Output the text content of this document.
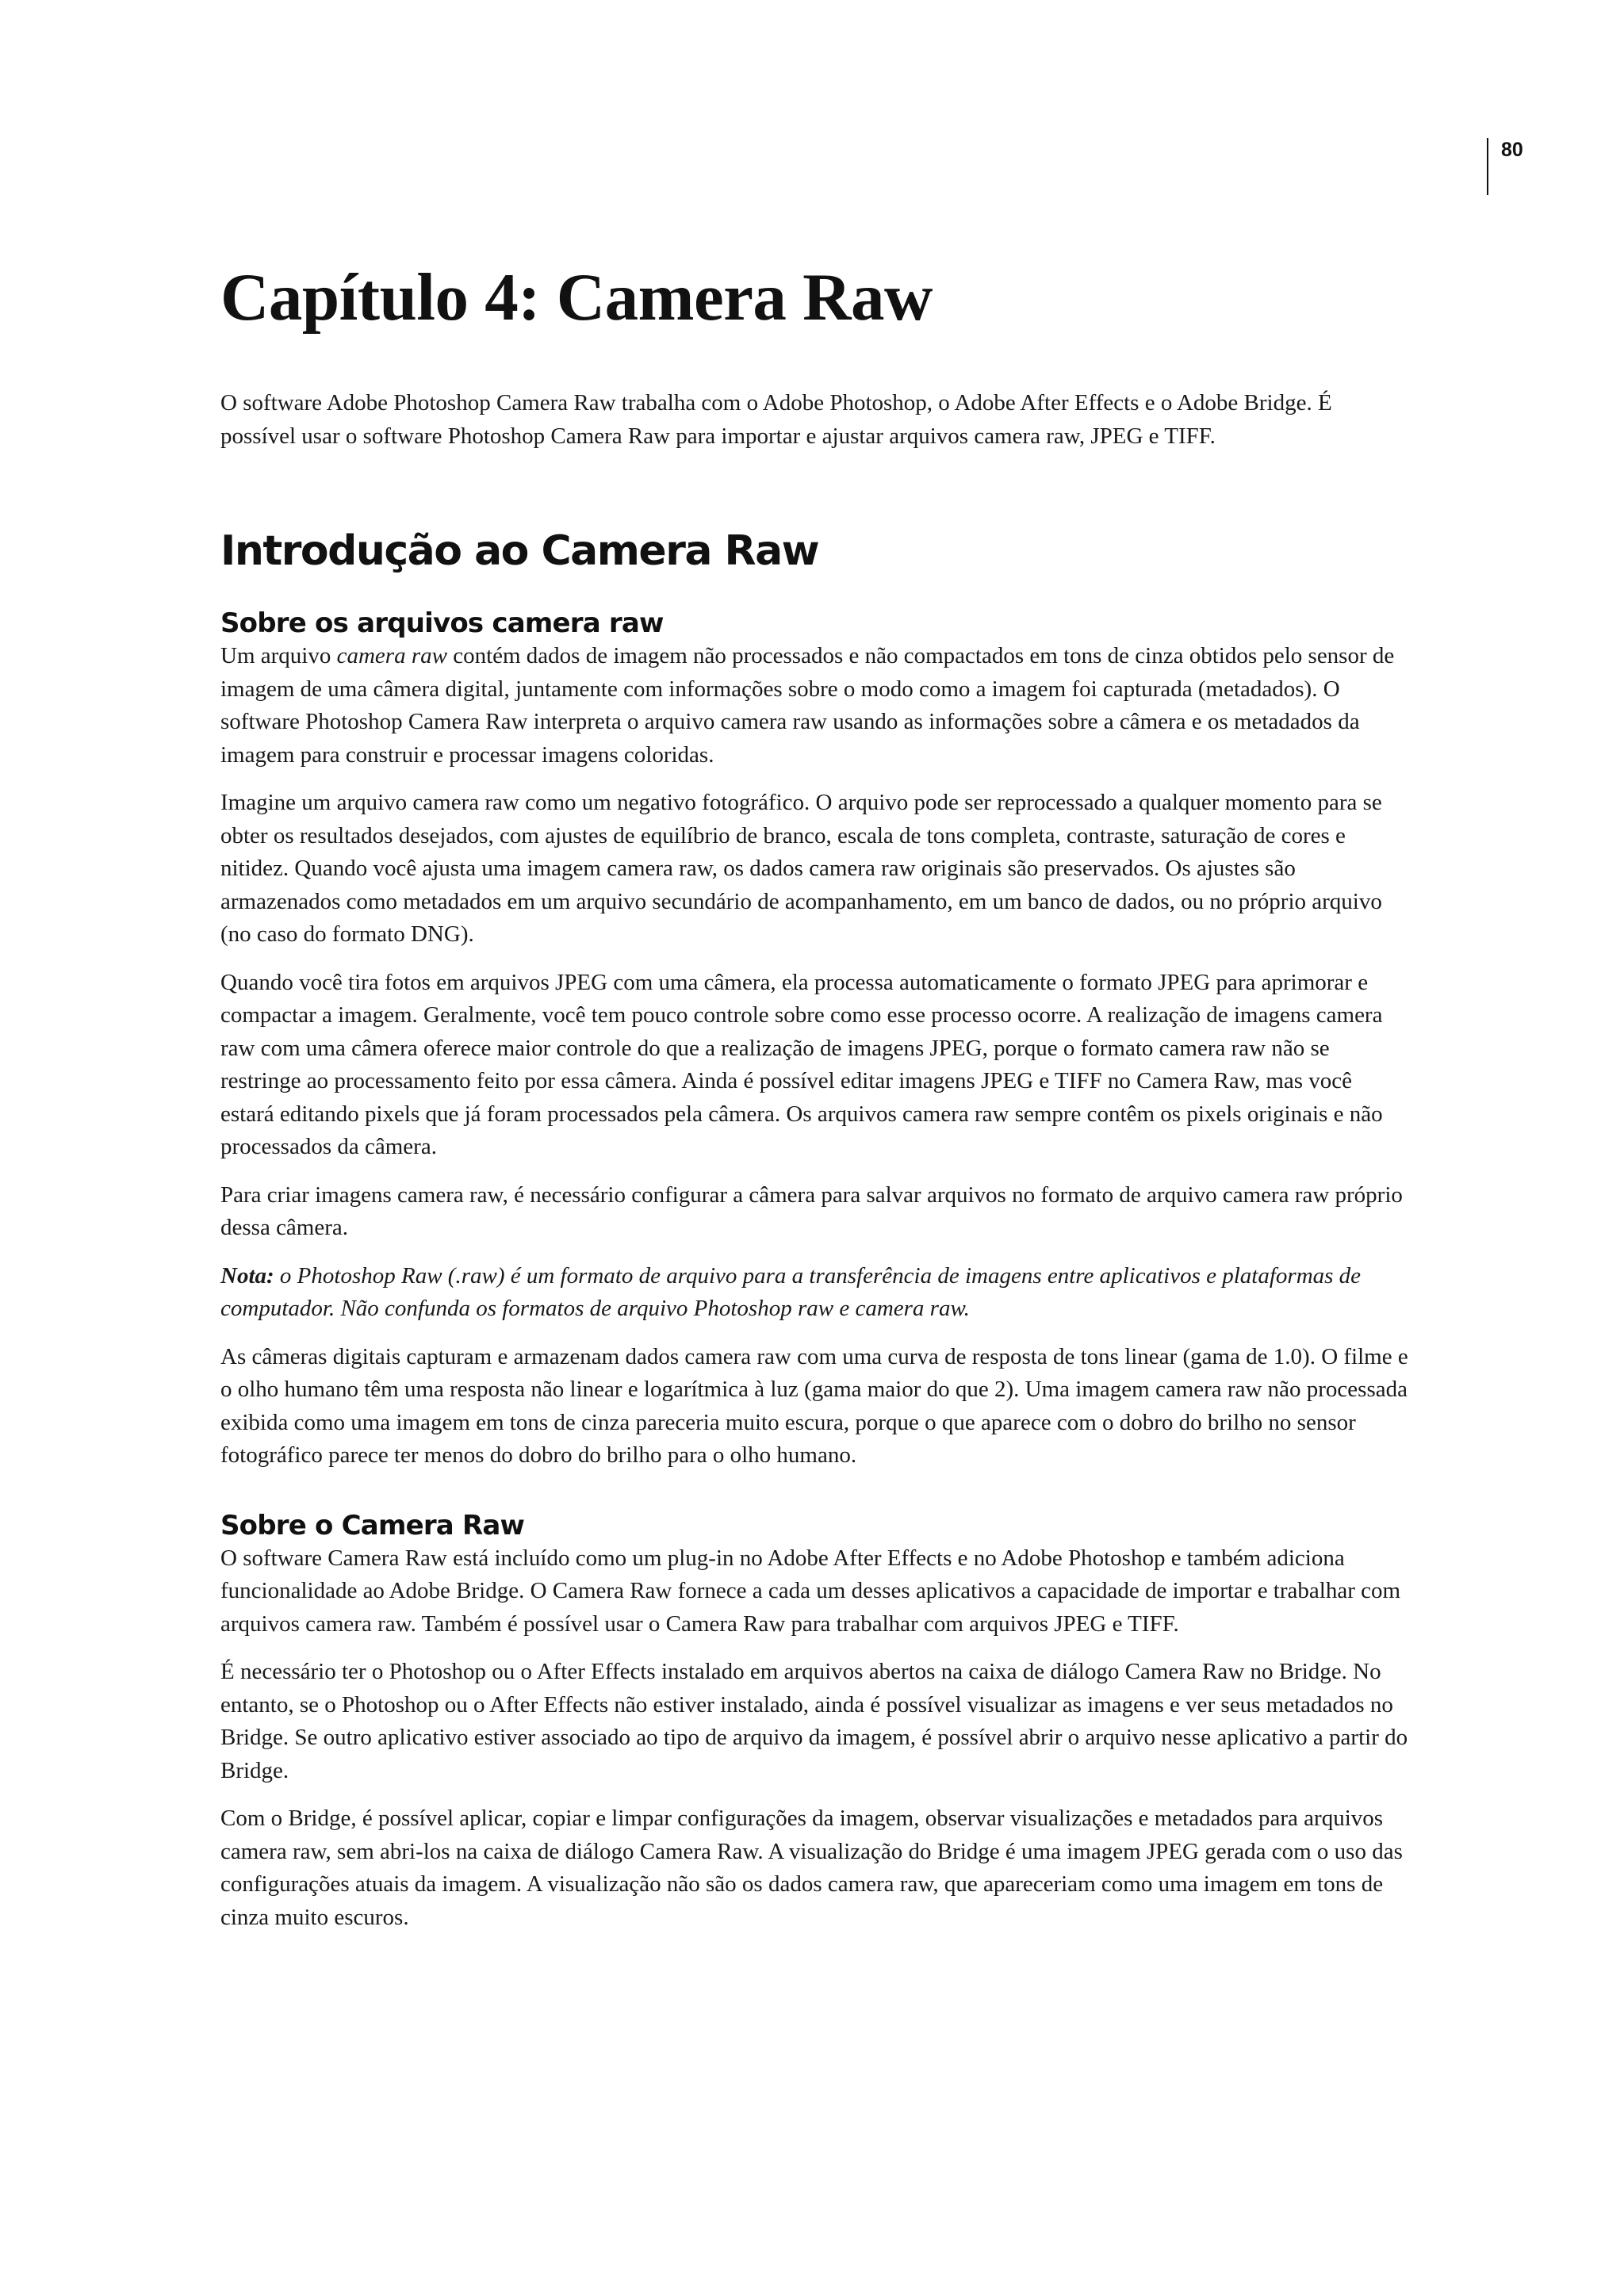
80
Capítulo 4: Camera Raw

O software Adobe Photoshop Camera Raw trabalha com o Adobe Photoshop, o Adobe After Effects e o Adobe Bridge. É possível usar o software Photoshop Camera Raw para importar e ajustar arquivos camera raw, JPEG e TIFF.

Introdução ao Camera Raw
Sobre os arquivos camera raw

Um arquivo camera raw contém dados de imagem não processados e não compactados em tons de cinza obtidos pelo sensor de imagem de uma câmera digital, juntamente com informações sobre o modo como a imagem foi capturada (metadados). O software Photoshop Camera Raw interpreta o arquivo camera raw usando as informações sobre a câmera e os metadados da imagem para construir e processar imagens coloridas.

Imagine um arquivo camera raw como um negativo fotográfico. O arquivo pode ser reprocessado a qualquer momento para se obter os resultados desejados, com ajustes de equilíbrio de branco, escala de tons completa, contraste, saturação de cores e nitidez. Quando você ajusta uma imagem camera raw, os dados camera raw originais são preservados. Os ajustes são armazenados como metadados em um arquivo secundário de acompanhamento, em um banco de dados, ou no próprio arquivo (no caso do formato DNG).

Quando você tira fotos em arquivos JPEG com uma câmera, ela processa automaticamente o formato JPEG para aprimorar e compactar a imagem. Geralmente, você tem pouco controle sobre como esse processo ocorre. A realização de imagens camera raw com uma câmera oferece maior controle do que a realização de imagens JPEG, porque o formato camera raw não se restringe ao processamento feito por essa câmera. Ainda é possível editar imagens JPEG e TIFF no Camera Raw, mas você estará editando pixels que já foram processados pela câmera. Os arquivos camera raw sempre contêm os pixels originais e não processados da câmera.

Para criar imagens camera raw, é necessário configurar a câmera para salvar arquivos no formato de arquivo camera raw próprio dessa câmera.

Nota: o Photoshop Raw (.raw) é um formato de arquivo para a transferência de imagens entre aplicativos e plataformas de computador. Não confunda os formatos de arquivo Photoshop raw e camera raw.

As câmeras digitais capturam e armazenam dados camera raw com uma curva de resposta de tons linear (gama de 1.0). O filme e o olho humano têm uma resposta não linear e logarítmica à luz (gama maior do que 2). Uma imagem camera raw não processada exibida como uma imagem em tons de cinza pareceria muito escura, porque o que aparece com o dobro do brilho no sensor fotográfico parece ter menos do dobro do brilho para o olho humano.

Sobre o Camera Raw

O software Camera Raw está incluído como um plug-in no Adobe After Effects e no Adobe Photoshop e também adiciona funcionalidade ao Adobe Bridge. O Camera Raw fornece a cada um desses aplicativos a capacidade de importar e trabalhar com arquivos camera raw. Também é possível usar o Camera Raw para trabalhar com arquivos JPEG e TIFF.

É necessário ter o Photoshop ou o After Effects instalado em arquivos abertos na caixa de diálogo Camera Raw no Bridge. No entanto, se o Photoshop ou o After Effects não estiver instalado, ainda é possível visualizar as imagens e ver seus metadados no Bridge. Se outro aplicativo estiver associado ao tipo de arquivo da imagem, é possível abrir o arquivo nesse aplicativo a partir do Bridge.

Com o Bridge, é possível aplicar, copiar e limpar configurações da imagem, observar visualizações e metadados para arquivos camera raw, sem abri-los na caixa de diálogo Camera Raw. A visualização do Bridge é uma imagem JPEG gerada com o uso das configurações atuais da imagem. A visualização não são os dados camera raw, que apareceriam como uma imagem em tons de cinza muito escuros.
